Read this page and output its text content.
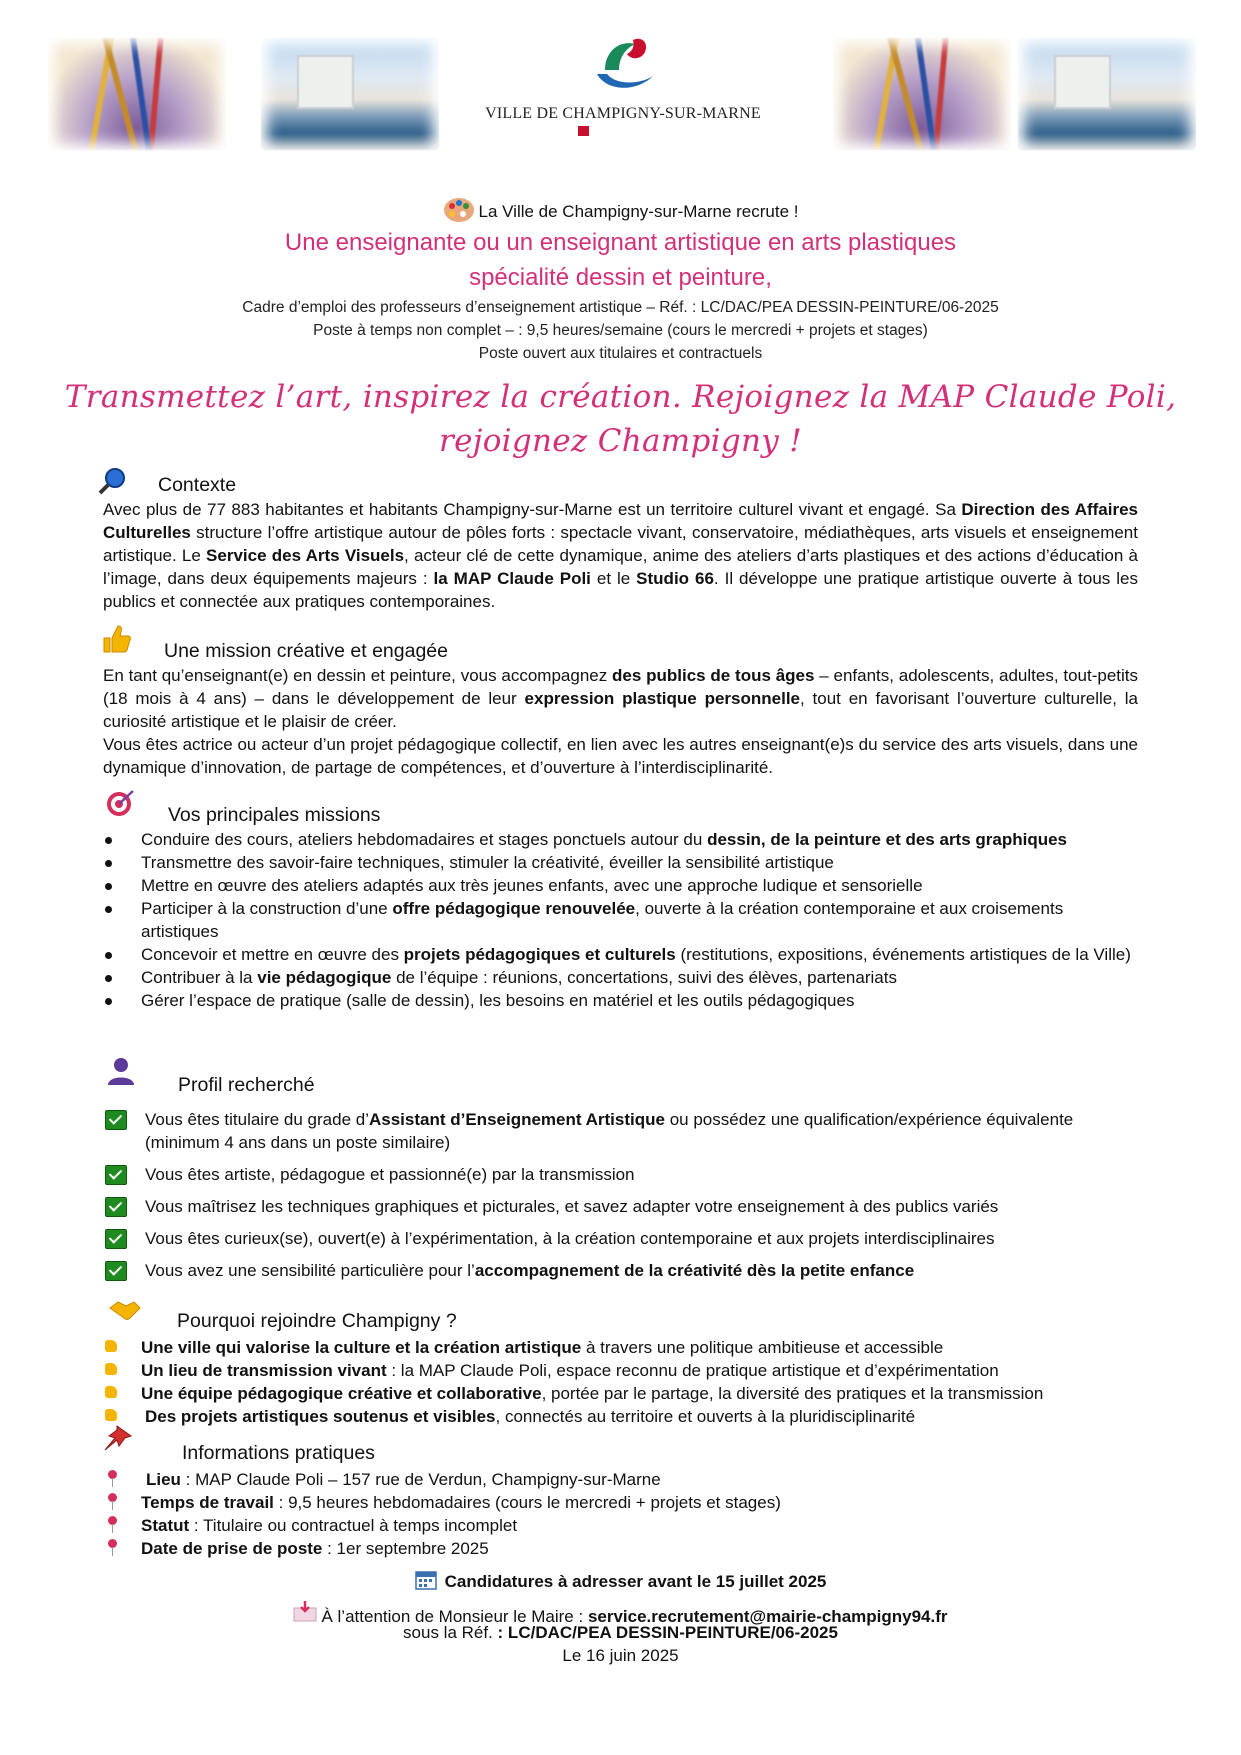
VILLE DE CHAMPIGNY-SUR-MARNE
La Ville de Champigny-sur-Marne recrute !
Une enseignante ou un enseignant artistique en arts plastiques
spécialité dessin et peinture,
Cadre d’emploi des professeurs d’enseignement artistique – Réf. : LC/DAC/PEA DESSIN-PEINTURE/06-2025
Poste à temps non complet – : 9,5 heures/semaine (cours le mercredi + projets et stages)
Poste ouvert aux titulaires et contractuels
Transmettez l’art, inspirez la création. Rejoignez la MAP Claude Poli,
rejoignez Champigny !
Contexte

Avec plus de 77 883 habitantes et habitants Champigny-sur-Marne est un territoire culturel vivant et engagé. Sa Direction des Affaires Culturelles structure l’offre artistique autour de pôles forts : spectacle vivant, conservatoire, médiathèques, arts visuels et enseignement artistique. Le Service des Arts Visuels, acteur clé de cette dynamique, anime des ateliers d’arts plastiques et des actions d’éducation à l’image, dans deux équipements majeurs : la MAP Claude Poli et le Studio 66. Il développe une pratique artistique ouverte à tous les publics et connectée aux pratiques contemporaines.

Une mission créative et engagée

En tant qu’enseignant(e) en dessin et peinture, vous accompagnez des publics de tous âges – enfants, adolescents, adultes, tout-petits (18 mois à 4 ans) – dans le développement de leur expression plastique personnelle, tout en favorisant l’ouverture culturelle, la curiosité artistique et le plaisir de créer.

Vous êtes actrice ou acteur d’un projet pédagogique collectif, en lien avec les autres enseignant(e)s du service des arts visuels, dans une dynamique d’innovation, de partage de compétences, et d’ouverture à l’interdisciplinarité.

Vos principales missions
Conduire des cours, ateliers hebdomadaires et stages ponctuels autour du dessin, de la peinture et des arts graphiques
Transmettre des savoir-faire techniques, stimuler la créativité, éveiller la sensibilité artistique
Mettre en œuvre des ateliers adaptés aux très jeunes enfants, avec une approche ludique et sensorielle
Participer à la construction d’une offre pédagogique renouvelée, ouverte à la création contemporaine et aux croisements artistiques
Concevoir et mettre en œuvre des projets pédagogiques et culturels (restitutions, expositions, événements artistiques de la Ville)
Contribuer à la vie pédagogique de l’équipe : réunions, concertations, suivi des élèves, partenariats
Gérer l’espace de pratique (salle de dessin), les besoins en matériel et les outils pédagogiques
Profil recherché
Vous êtes titulaire du grade d’Assistant d’Enseignement Artistique ou possédez une qualification/expérience équivalente (minimum 4 ans dans un poste similaire)
Vous êtes artiste, pédagogue et passionné(e) par la transmission
Vous maîtrisez les techniques graphiques et picturales, et savez adapter votre enseignement à des publics variés
Vous êtes curieux(se), ouvert(e) à l’expérimentation, à la création contemporaine et aux projets interdisciplinaires
Vous avez une sensibilité particulière pour l’accompagnement de la créativité dès la petite enfance
Pourquoi rejoindre Champigny ?
Une ville qui valorise la culture et la création artistique à travers une politique ambitieuse et accessible
Un lieu de transmission vivant : la MAP Claude Poli, espace reconnu de pratique artistique et d’expérimentation
Une équipe pédagogique créative et collaborative, portée par le partage, la diversité des pratiques et la transmission
Des projets artistiques soutenus et visibles, connectés au territoire et ouverts à la pluridisciplinarité
Informations pratiques
Lieu : MAP Claude Poli – 157 rue de Verdun, Champigny-sur-Marne
Temps de travail : 9,5 heures hebdomadaires (cours le mercredi + projets et stages)
Statut : Titulaire ou contractuel à temps incomplet
Date de prise de poste : 1er septembre 2025
Candidatures à adresser avant le 15 juillet 2025
À l’attention de Monsieur le Maire : service.recrutement@mairie-champigny94.fr
sous la Réf. : LC/DAC/PEA DESSIN-PEINTURE/06-2025
Le 16 juin 2025
